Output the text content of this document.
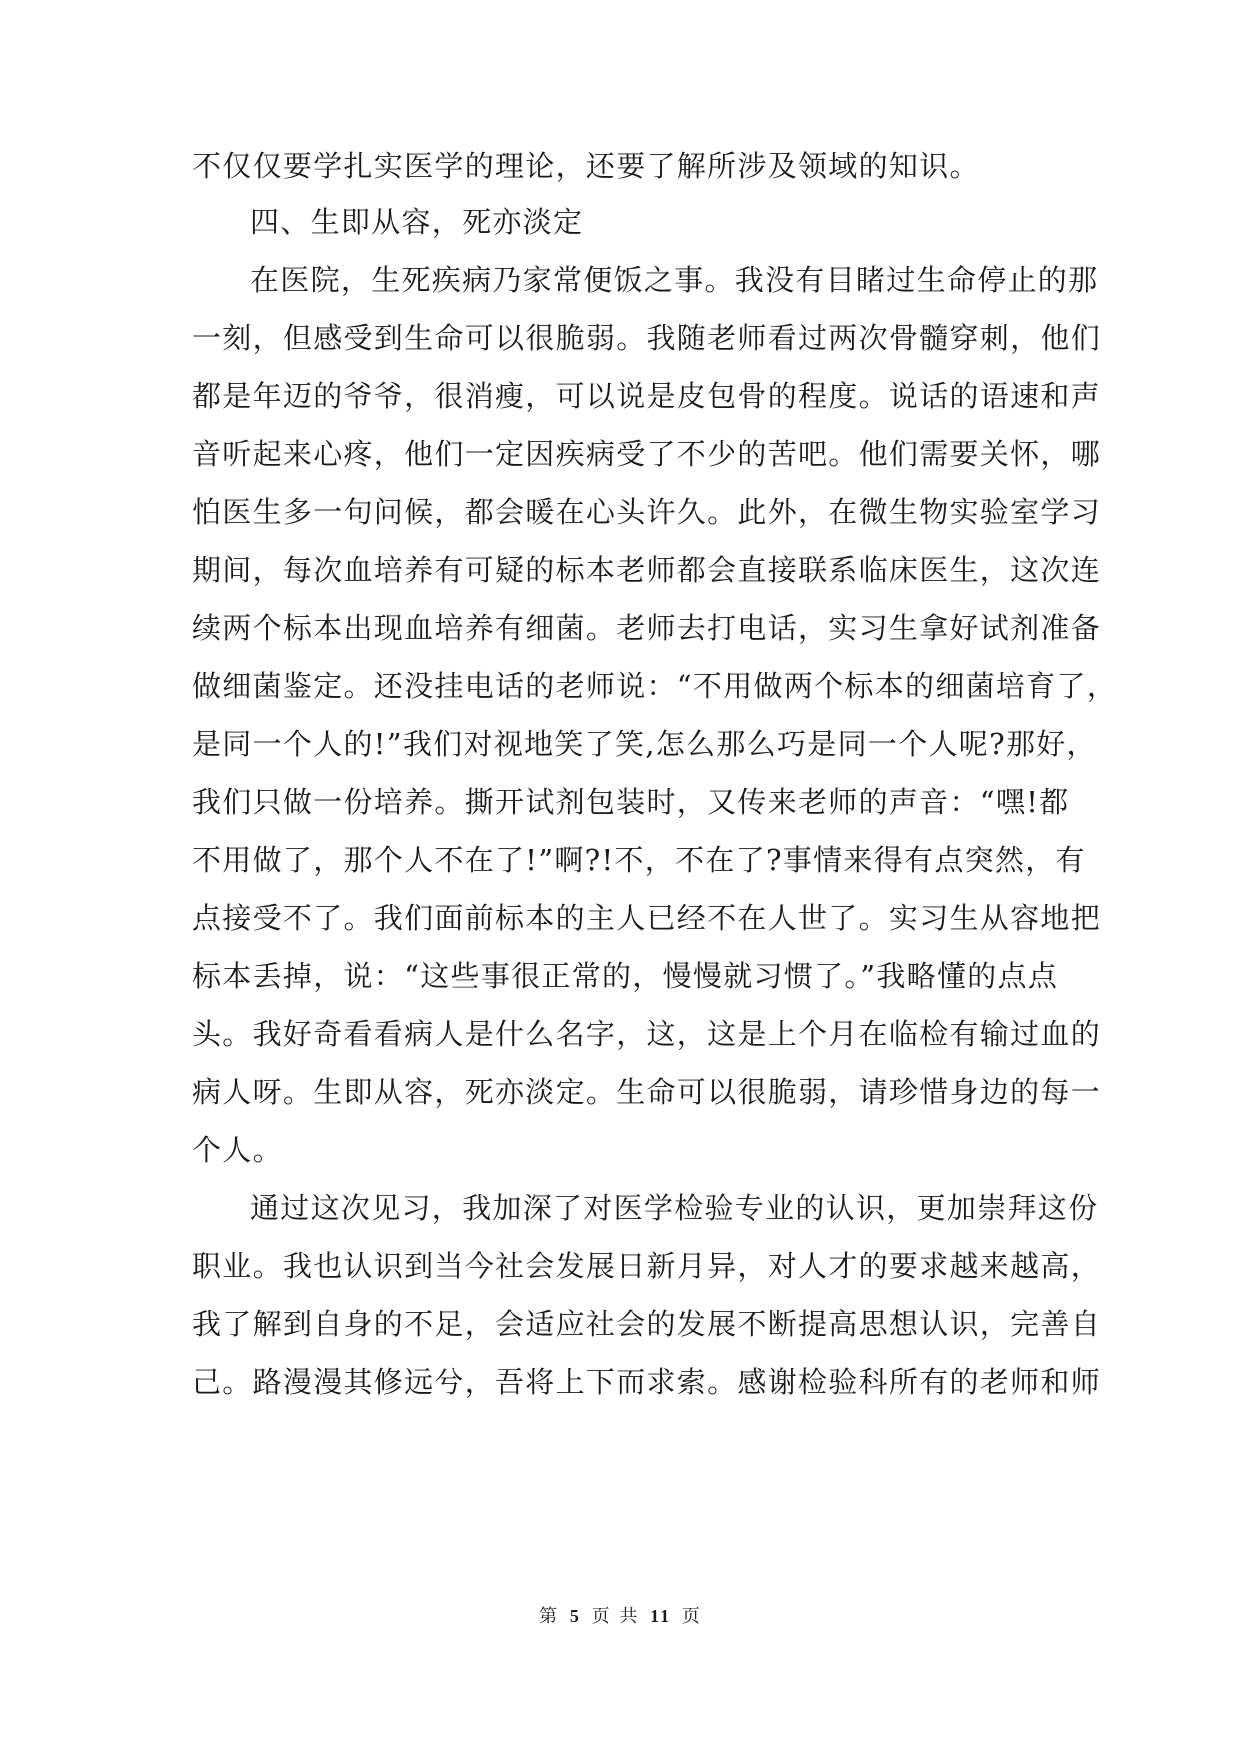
不仅仅要学扎实医学的理论，还要了解所涉及领域的知识。
四、生即从容，死亦淡定
在医院，生死疾病乃家常便饭之事。我没有目睹过生命停止的那
一刻，但感受到生命可以很脆弱。我随老师看过两次骨髓穿刺，他们
都是年迈的爷爷，很消瘦，可以说是皮包骨的程度。说话的语速和声
音听起来心疼，他们一定因疾病受了不少的苦吧。他们需要关怀，哪
怕医生多一句问候，都会暖在心头许久。此外，在微生物实验室学习
期间，每次血培养有可疑的标本老师都会直接联系临床医生，这次连
续两个标本出现血培养有细菌。老师去打电话，实习生拿好试剂准备
做细菌鉴定。还没挂电话的老师说：“不用做两个标本的细菌培育了，
是同一个人的!”我们对视地笑了笑,怎么那么巧是同一个人呢?那好，
我们只做一份培养。撕开试剂包装时，又传来老师的声音：“嘿!都
不用做了，那个人不在了!”啊?!不，不在了?事情来得有点突然，有
点接受不了。我们面前标本的主人已经不在人世了。实习生从容地把
标本丢掉，说：“这些事很正常的，慢慢就习惯了。”我略懂的点点
头。我好奇看看病人是什么名字，这，这是上个月在临检有输过血的
病人呀。生即从容，死亦淡定。生命可以很脆弱，请珍惜身边的每一
个人。
通过这次见习，我加深了对医学检验专业的认识，更加崇拜这份
职业。我也认识到当今社会发展日新月异，对人才的要求越来越高，
我了解到自身的不足，会适应社会的发展不断提高思想认识，完善自
己。路漫漫其修远兮，吾将上下而求索。感谢检验科所有的老师和师
第 5 页 共 11 页
